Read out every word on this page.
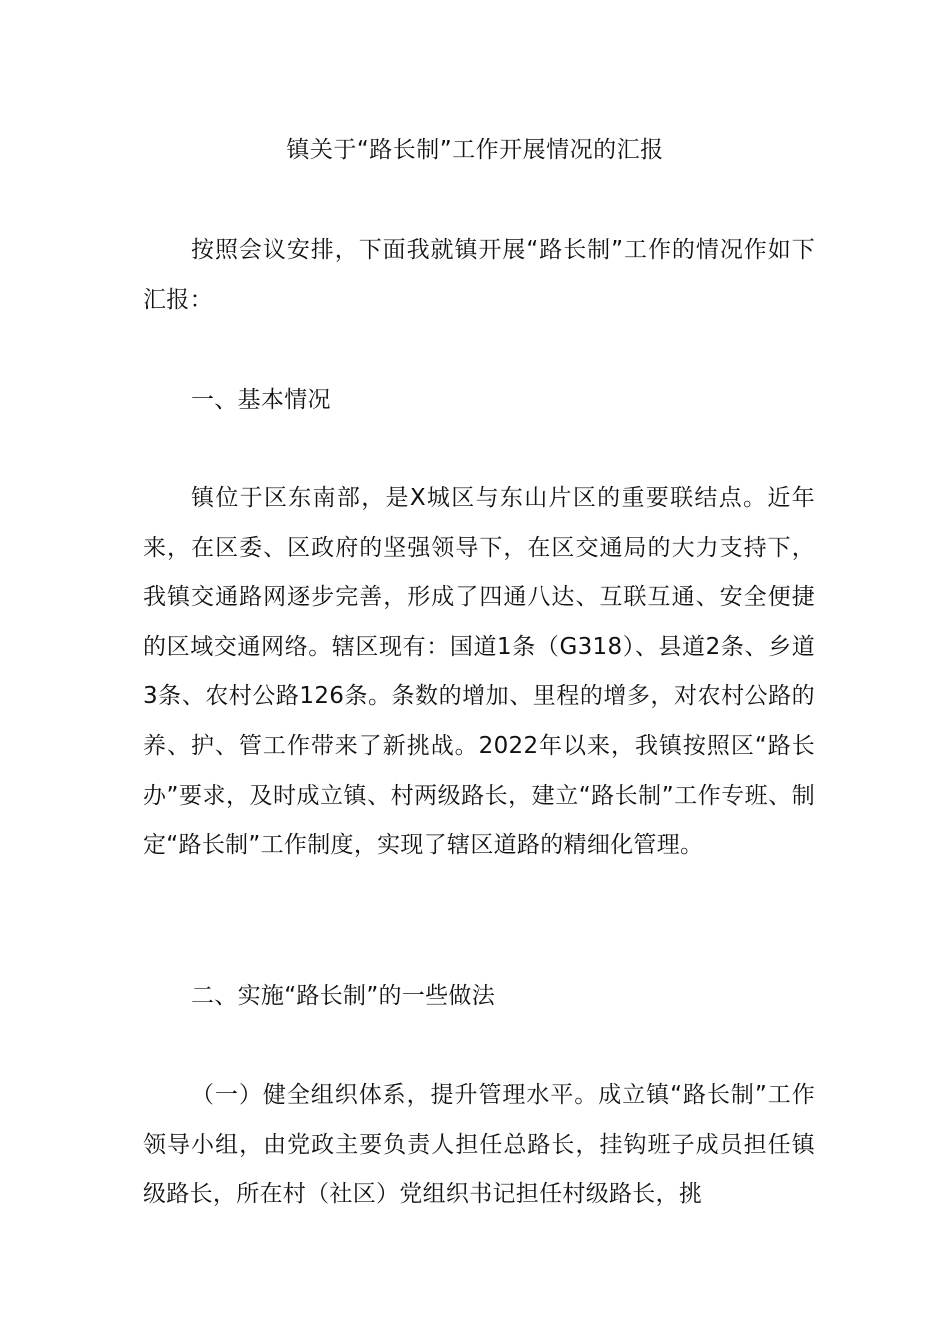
镇关于“路长制”工作开展情况的汇报

按照会议安排，下面我就镇开展“路长制”工作的情况作如下汇报：

一、基本情况

镇位于区东南部，是X城区与东山片区的重要联结点。近年来，在区委、区政府的坚强领导下，在区交通局的大力支持下，我镇交通路网逐步完善，形成了四通八达、互联互通、安全便捷的区域交通网络。辖区现有：国道1条（G318）、县道2条、乡道3条、农村公路126条。条数的增加、里程的增多，对农村公路的养、护、管工作带来了新挑战。2022年以来，我镇按照区“路长办”要求，及时成立镇、村两级路长，建立“路长制”工作专班、制定“路长制”工作制度，实现了辖区道路的精细化管理。

二、实施“路长制”的一些做法

（一）健全组织体系，提升管理水平。成立镇“路长制”工作领导小组，由党政主要负责人担任总路长，挂钩班子成员担任镇级路长，所在村（社区）党组织书记担任村级路长，挑
